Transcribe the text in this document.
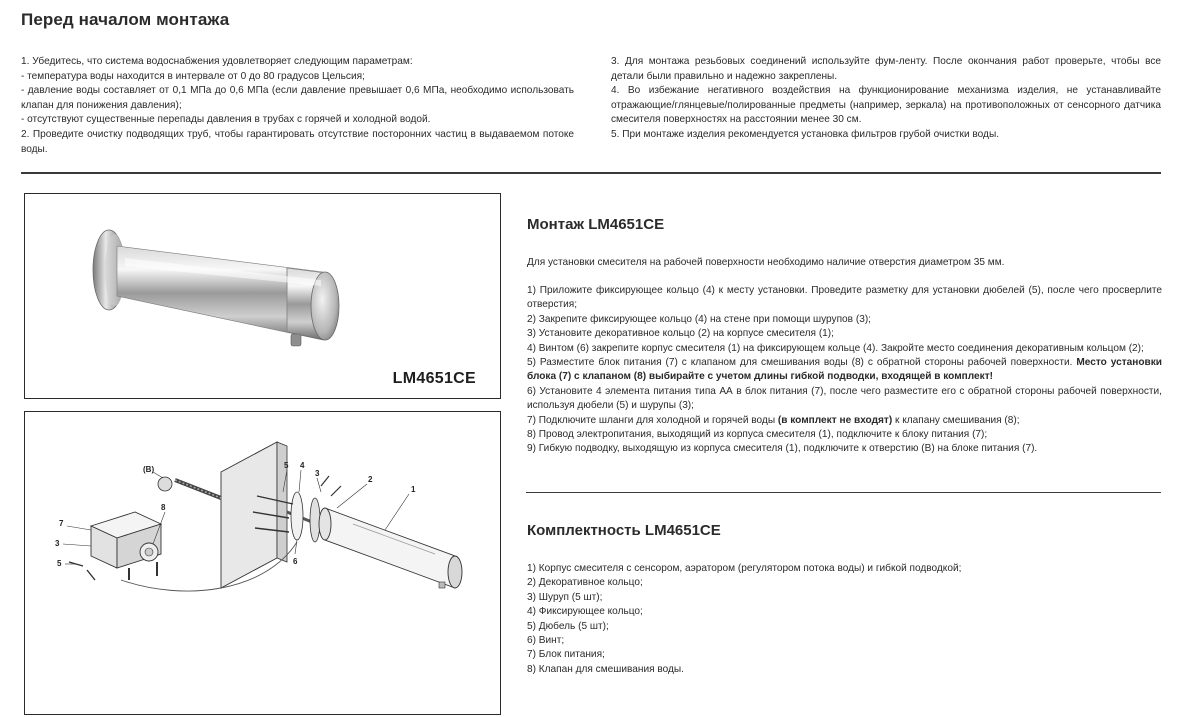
Перед началом монтажа

1. Убедитесь, что система водоснабжения удовлетворяет следующим параметрам:

- температура воды находится в интервале от 0 до 80 градусов Цельсия;

- давление воды составляет от 0,1 МПа до 0,6 МПа (если давление превышает 0,6 МПа, необходимо использовать клапан для понижения давления);

- отсутствуют существенные перепады давления в трубах с горячей и холодной водой.

2. Проведите очистку подводящих труб, чтобы гарантировать отсутствие посторонних частиц в выдаваемом потоке воды.

3. Для монтажа резьбовых соединений используйте фум-ленту. После окончания работ проверьте, чтобы все детали были правильно и надежно закреплены.

4. Во избежание негативного воздействия на функционирование механизма изделия, не устанавливайте отражающие/глянцевые/полированные предметы (например, зеркала) на противоположных от сенсорного датчика смесителя поверхностях на расстоянии менее 30 см.

5. При монтаже изделия рекомендуется установка фильтров грубой очистки воды.

LM4651CE
1
2
3
4
5
6
7
3
5
8
(B)
Монтаж LM4651CE
Для установки смесителя на рабочей поверхности необходимо наличие отверстия диаметром 35 мм.

1) Приложите фиксирующее кольцо (4) к месту установки. Проведите разметку для установки дюбелей (5), после чего просверлите отверстия;

2) Закрепите фиксирующее кольцо (4) на стене при помощи шурупов (3);

3) Установите декоративное кольцо (2) на корпусе смесителя (1);

4) Винтом (6) закрепите корпус смесителя (1) на фиксирующем кольце (4). Закройте место соединения декоративным кольцом (2);

5) Разместите блок питания (7) с клапаном для смешивания воды (8) с обратной стороны рабочей поверхности. Место установки блока (7) с клапаном (8) выбирайте с учетом длины гибкой подводки, входящей в комплект!

6) Установите 4 элемента питания типа АА в блок питания (7), после чего разместите его с обратной стороны рабочей поверхности, используя дюбели (5) и шурупы (3);

7) Подключите шланги для холодной и горячей воды (в комплект не входят) к клапану смешивания (8);

8) Провод электропитания, выходящий из корпуса смесителя (1), подключите к блоку питания (7);

9) Гибкую подводку, выходящую из корпуса смесителя (1), подключите к отверстию (B) на блоке питания (7).

Комплектность LM4651CE

1) Корпус смесителя с сенсором, аэратором (регулятором потока воды) и гибкой подводкой;

2) Декоративное кольцо;

3) Шуруп (5 шт);

4) Фиксирующее кольцо;

5) Дюбель (5 шт);

6) Винт;

7) Блок питания;

8) Клапан для смешивания воды.
